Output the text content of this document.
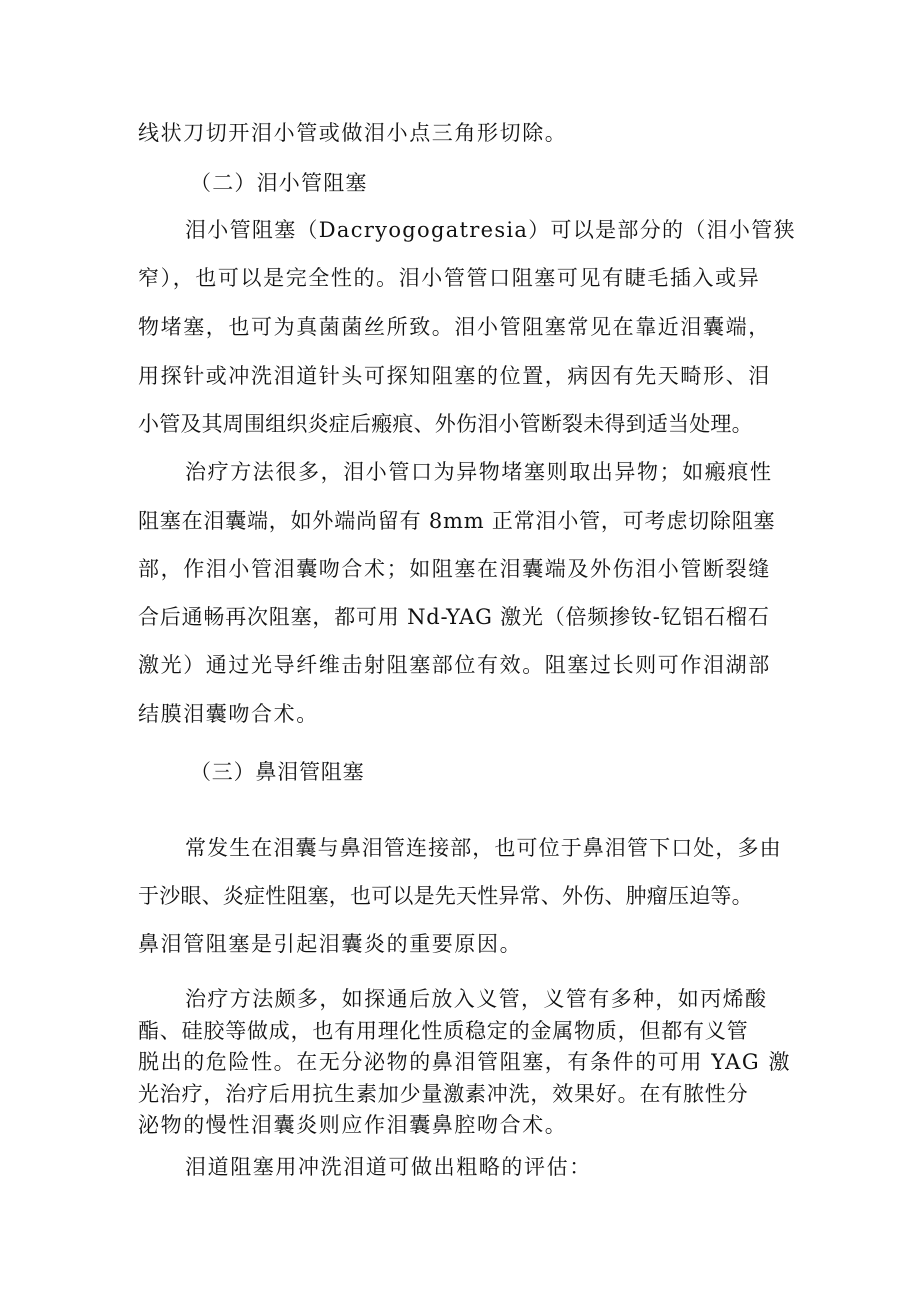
线状刀切开泪小管或做泪小点三角形切除。
（二）泪小管阻塞
泪小管阻塞（Dacryogogatresia）可以是部分的（泪小管狭
窄），也可以是完全性的。泪小管管口阻塞可见有睫毛插入或异
物堵塞，也可为真菌菌丝所致。泪小管阻塞常见在靠近泪囊端，
用探针或冲洗泪道针头可探知阻塞的位置，病因有先天畸形、泪
小管及其周围组织炎症后瘢痕、外伤泪小管断裂未得到适当处理。
治疗方法很多，泪小管口为异物堵塞则取出异物；如瘢痕性
阻塞在泪囊端，如外端尚留有 8mm 正常泪小管，可考虑切除阻塞
部，作泪小管泪囊吻合术；如阻塞在泪囊端及外伤泪小管断裂缝
合后通畅再次阻塞，都可用 Nd-YAG 激光（倍频掺钕-钇铝石榴石
激光）通过光导纤维击射阻塞部位有效。阻塞过长则可作泪湖部
结膜泪囊吻合术。
（三）鼻泪管阻塞
常发生在泪囊与鼻泪管连接部，也可位于鼻泪管下口处，多由
于沙眼、炎症性阻塞，也可以是先天性异常、外伤、肿瘤压迫等。
鼻泪管阻塞是引起泪囊炎的重要原因。
治疗方法颇多，如探通后放入义管，义管有多种，如丙烯酸
酯、硅胶等做成，也有用理化性质稳定的金属物质，但都有义管
脱出的危险性。在无分泌物的鼻泪管阻塞，有条件的可用 YAG 激
光治疗，治疗后用抗生素加少量激素冲洗，效果好。在有脓性分
泌物的慢性泪囊炎则应作泪囊鼻腔吻合术。
泪道阻塞用冲洗泪道可做出粗略的评估：
